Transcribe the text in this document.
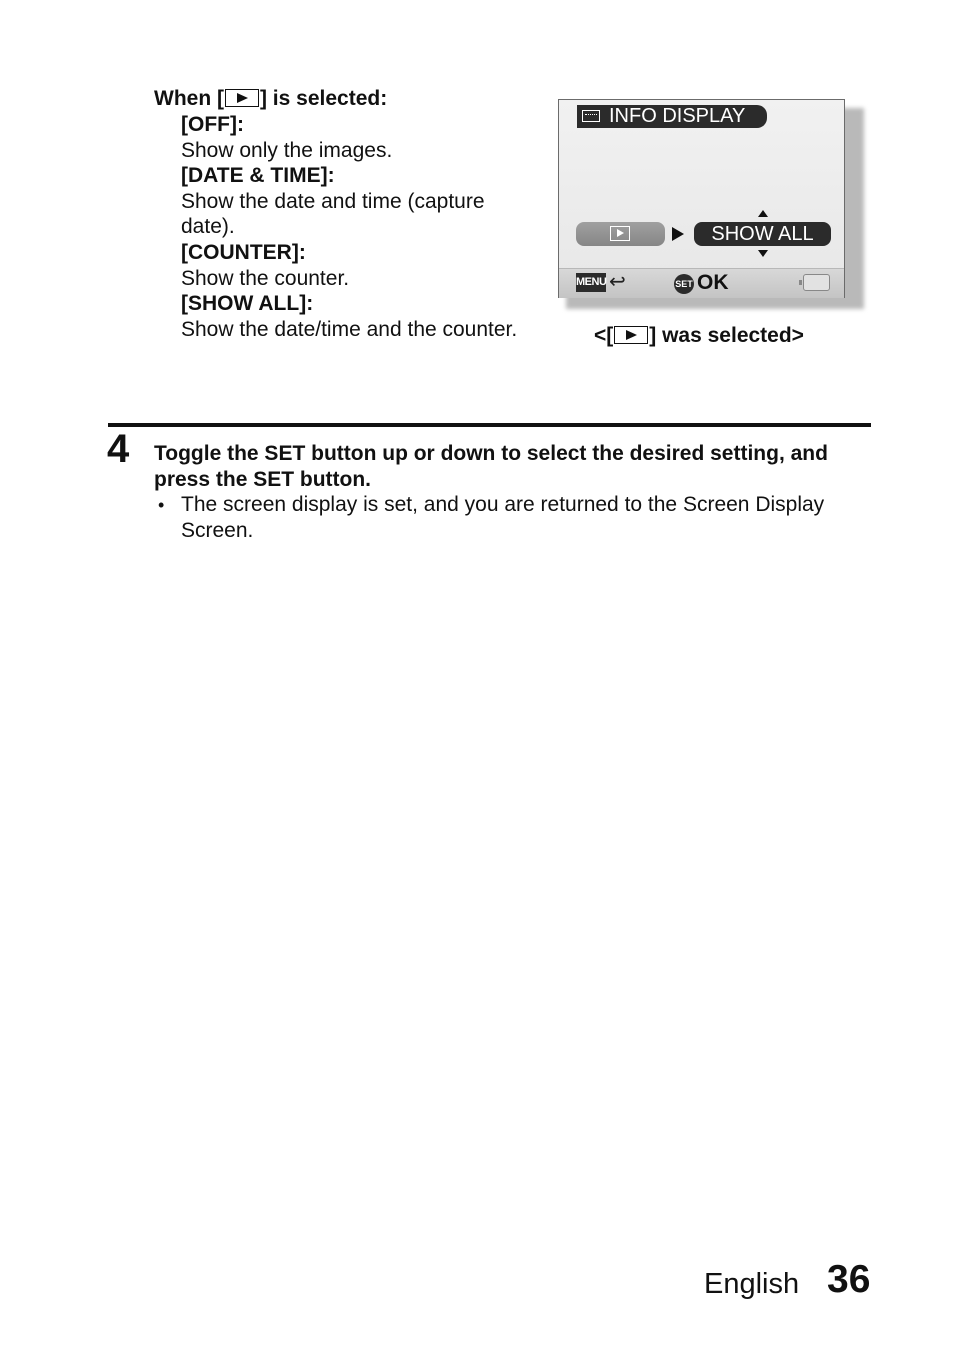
When [ ] is selected:
[OFF]:
Show only the images.
[DATE & TIME]:
Show the date and time (capture date).
[COUNTER]:
Show the counter.
[SHOW ALL]:
Show the date/time and the counter.
INFO DISPLAY
SHOW ALL
MENU ↩	SET OK
<[ ] was selected>
4 Toggle the SET button up or down to select the desired setting, and press the SET button.
• The screen display is set, and you are returned to the Screen Display Screen.
English 36
